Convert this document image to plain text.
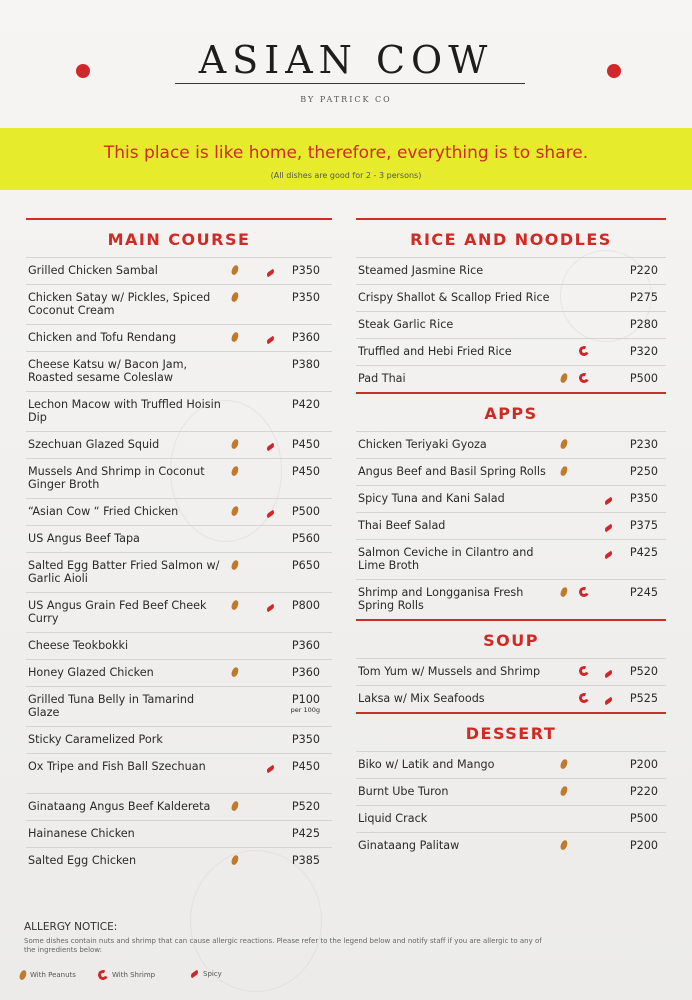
ASIAN COW
BY PATRICK CO
This place is like home, therefore, everything is to share.
(All dishes are good for 2 - 3 persons)
MAIN COURSE
Grilled Chicken Sambal	P350
Chicken Satay w/ Pickles, Spiced Coconut Cream
P350
Chicken and Tofu Rendang	P360
Cheese Katsu w/ Bacon Jam, Roasted sesame Coleslaw
P380
Lechon Macow with Truffled Hoisin Dip
P420
Szechuan Glazed Squid	P450
Mussels And Shrimp in Coconut Ginger Broth
P450
“Asian Cow “ Fried Chicken	P500
US Angus Beef Tapa	P560
Salted Egg Batter Fried Salmon w/ Garlic Aioli
P650
US Angus Grain Fed Beef Cheek Curry
P800
Cheese Teokbokki	P360
Honey Glazed Chicken	P360
Grilled Tuna Belly in Tamarind Glaze
P100
per 100g
Sticky Caramelized Pork	P350
Ox Tripe and Fish Ball Szechuan	P450
Ginataang Angus Beef Kaldereta	P520
Hainanese Chicken	P425
Salted Egg Chicken	P385
RICE AND NOODLES
Steamed Jasmine Rice	P220
Crispy Shallot & Scallop Fried Rice	P275
Steak Garlic Rice	P280
Truffled and Hebi Fried Rice	P320
Pad Thai	P500
APPS
Chicken Teriyaki Gyoza	P230
Angus Beef and Basil Spring Rolls	P250
Spicy Tuna and Kani Salad	P350
Thai Beef Salad	P375
Salmon Ceviche in Cilantro and Lime Broth
P425
Shrimp and Longganisa Fresh Spring Rolls
P245
SOUP
Tom Yum w/ Mussels and Shrimp	P520
Laksa w/ Mix Seafoods	P525
DESSERT
Biko w/ Latik and Mango	P200
Burnt Ube Turon	P220
Liquid Crack	P500
Ginataang Palitaw	P200
ALLERGY NOTICE:
Some dishes contain nuts and shrimp that can cause allergic reactions. Please refer to the legend below and notify staff if you are allergic to any of the ingredients below:
With Peanuts	With Shrimp	Spicy
